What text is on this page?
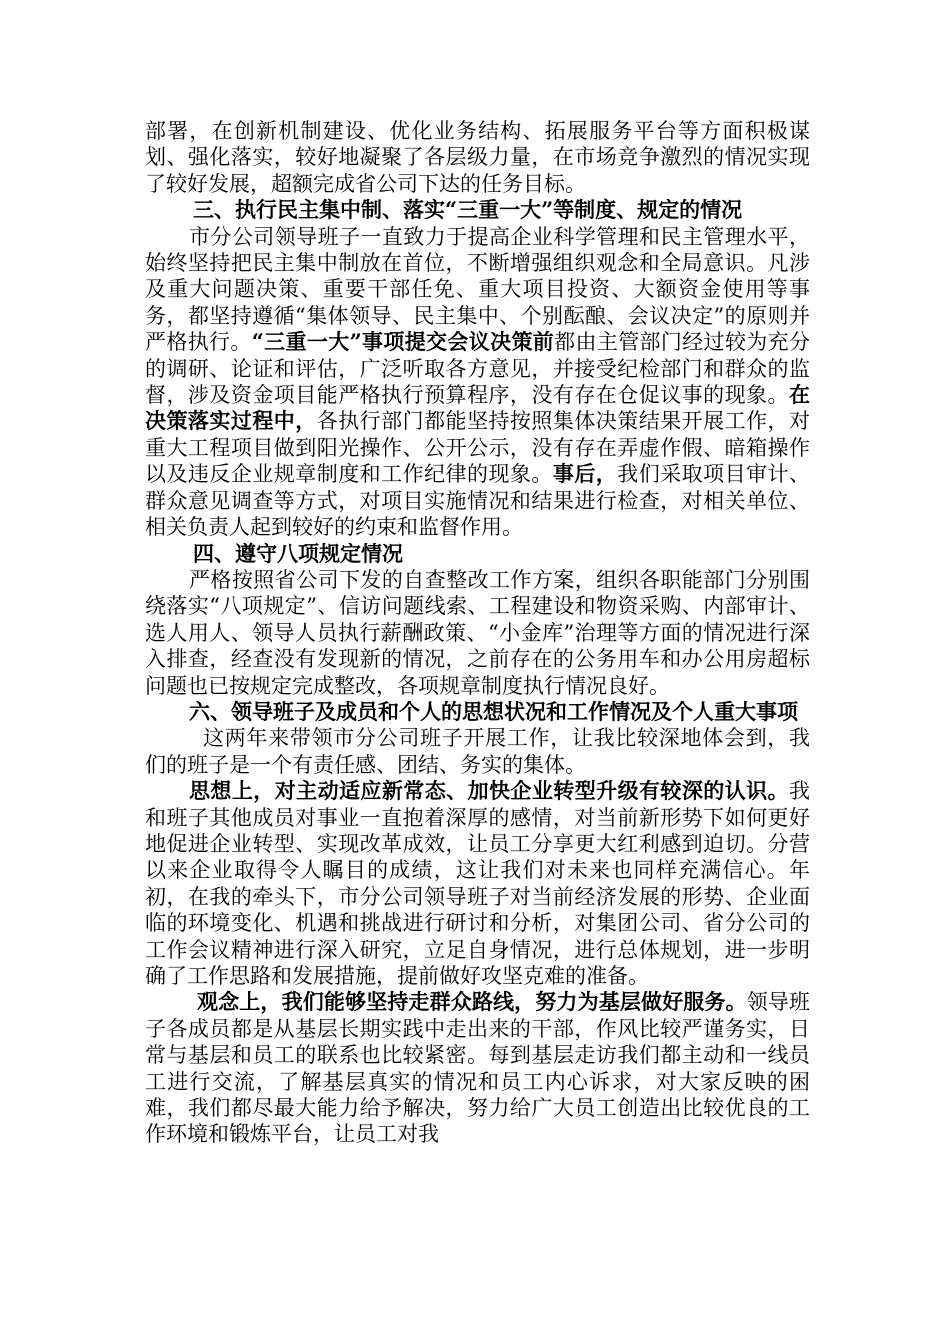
部署，在创新机制建设、优化业务结构、拓展服务平台等方面积极谋划、强化落实，较好地凝聚了各层级力量，在市场竞争激烈的情况实现了较好发展，超额完成省公司下达的任务目标。

三、执行民主集中制、落实“三重一大”等制度、规定的情况

市分公司领导班子一直致力于提高企业科学管理和民主管理水平，始终坚持把民主集中制放在首位，不断增强组织观念和全局意识。凡涉及重大问题决策、重要干部任免、重大项目投资、大额资金使用等事务，都坚持遵循“集体领导、民主集中、个别酝酿、会议决定”的原则并严格执行。“三重一大”事项提交会议决策前都由主管部门经过较为充分的调研、论证和评估，广泛听取各方意见，并接受纪检部门和群众的监督，涉及资金项目能严格执行预算程序，没有存在仓促议事的现象。在决策落实过程中，各执行部门都能坚持按照集体决策结果开展工作，对重大工程项目做到阳光操作、公开公示，没有存在弄虚作假、暗箱操作以及违反企业规章制度和工作纪律的现象。事后，我们采取项目审计、群众意见调查等方式，对项目实施情况和结果进行检查，对相关单位、相关负责人起到较好的约束和监督作用。

四、遵守八项规定情况

严格按照省公司下发的自查整改工作方案，组织各职能部门分别围绕落实“八项规定”、信访问题线索、工程建设和物资采购、内部审计、选人用人、领导人员执行薪酬政策、“小金库”治理等方面的情况进行深入排查，经查没有发现新的情况，之前存在的公务用车和办公用房超标问题也已按规定完成整改，各项规章制度执行情况良好。

六、领导班子及成员和个人的思想状况和工作情况及个人重大事项

这两年来带领市分公司班子开展工作，让我比较深地体会到，我们的班子是一个有责任感、团结、务实的集体。

思想上，对主动适应新常态、加快企业转型升级有较深的认识。我和班子其他成员对事业一直抱着深厚的感情，对当前新形势下如何更好地促进企业转型、实现改革成效，让员工分享更大红利感到迫切。分营以来企业取得令人瞩目的成绩，这让我们对未来也同样充满信心。年初，在我的牵头下，市分公司领导班子对当前经济发展的形势、企业面临的环境变化、机遇和挑战进行研讨和分析，对集团公司、省分公司的工作会议精神进行深入研究，立足自身情况，进行总体规划，进一步明确了工作思路和发展措施，提前做好攻坚克难的准备。

观念上，我们能够坚持走群众路线，努力为基层做好服务。领导班子各成员都是从基层长期实践中走出来的干部，作风比较严谨务实，日常与基层和员工的联系也比较紧密。每到基层走访我们都主动和一线员工进行交流，了解基层真实的情况和员工内心诉求，对大家反映的困难，我们都尽最大能力给予解决，努力给广大员工创造出比较优良的工作环境和锻炼平台，让员工对我
